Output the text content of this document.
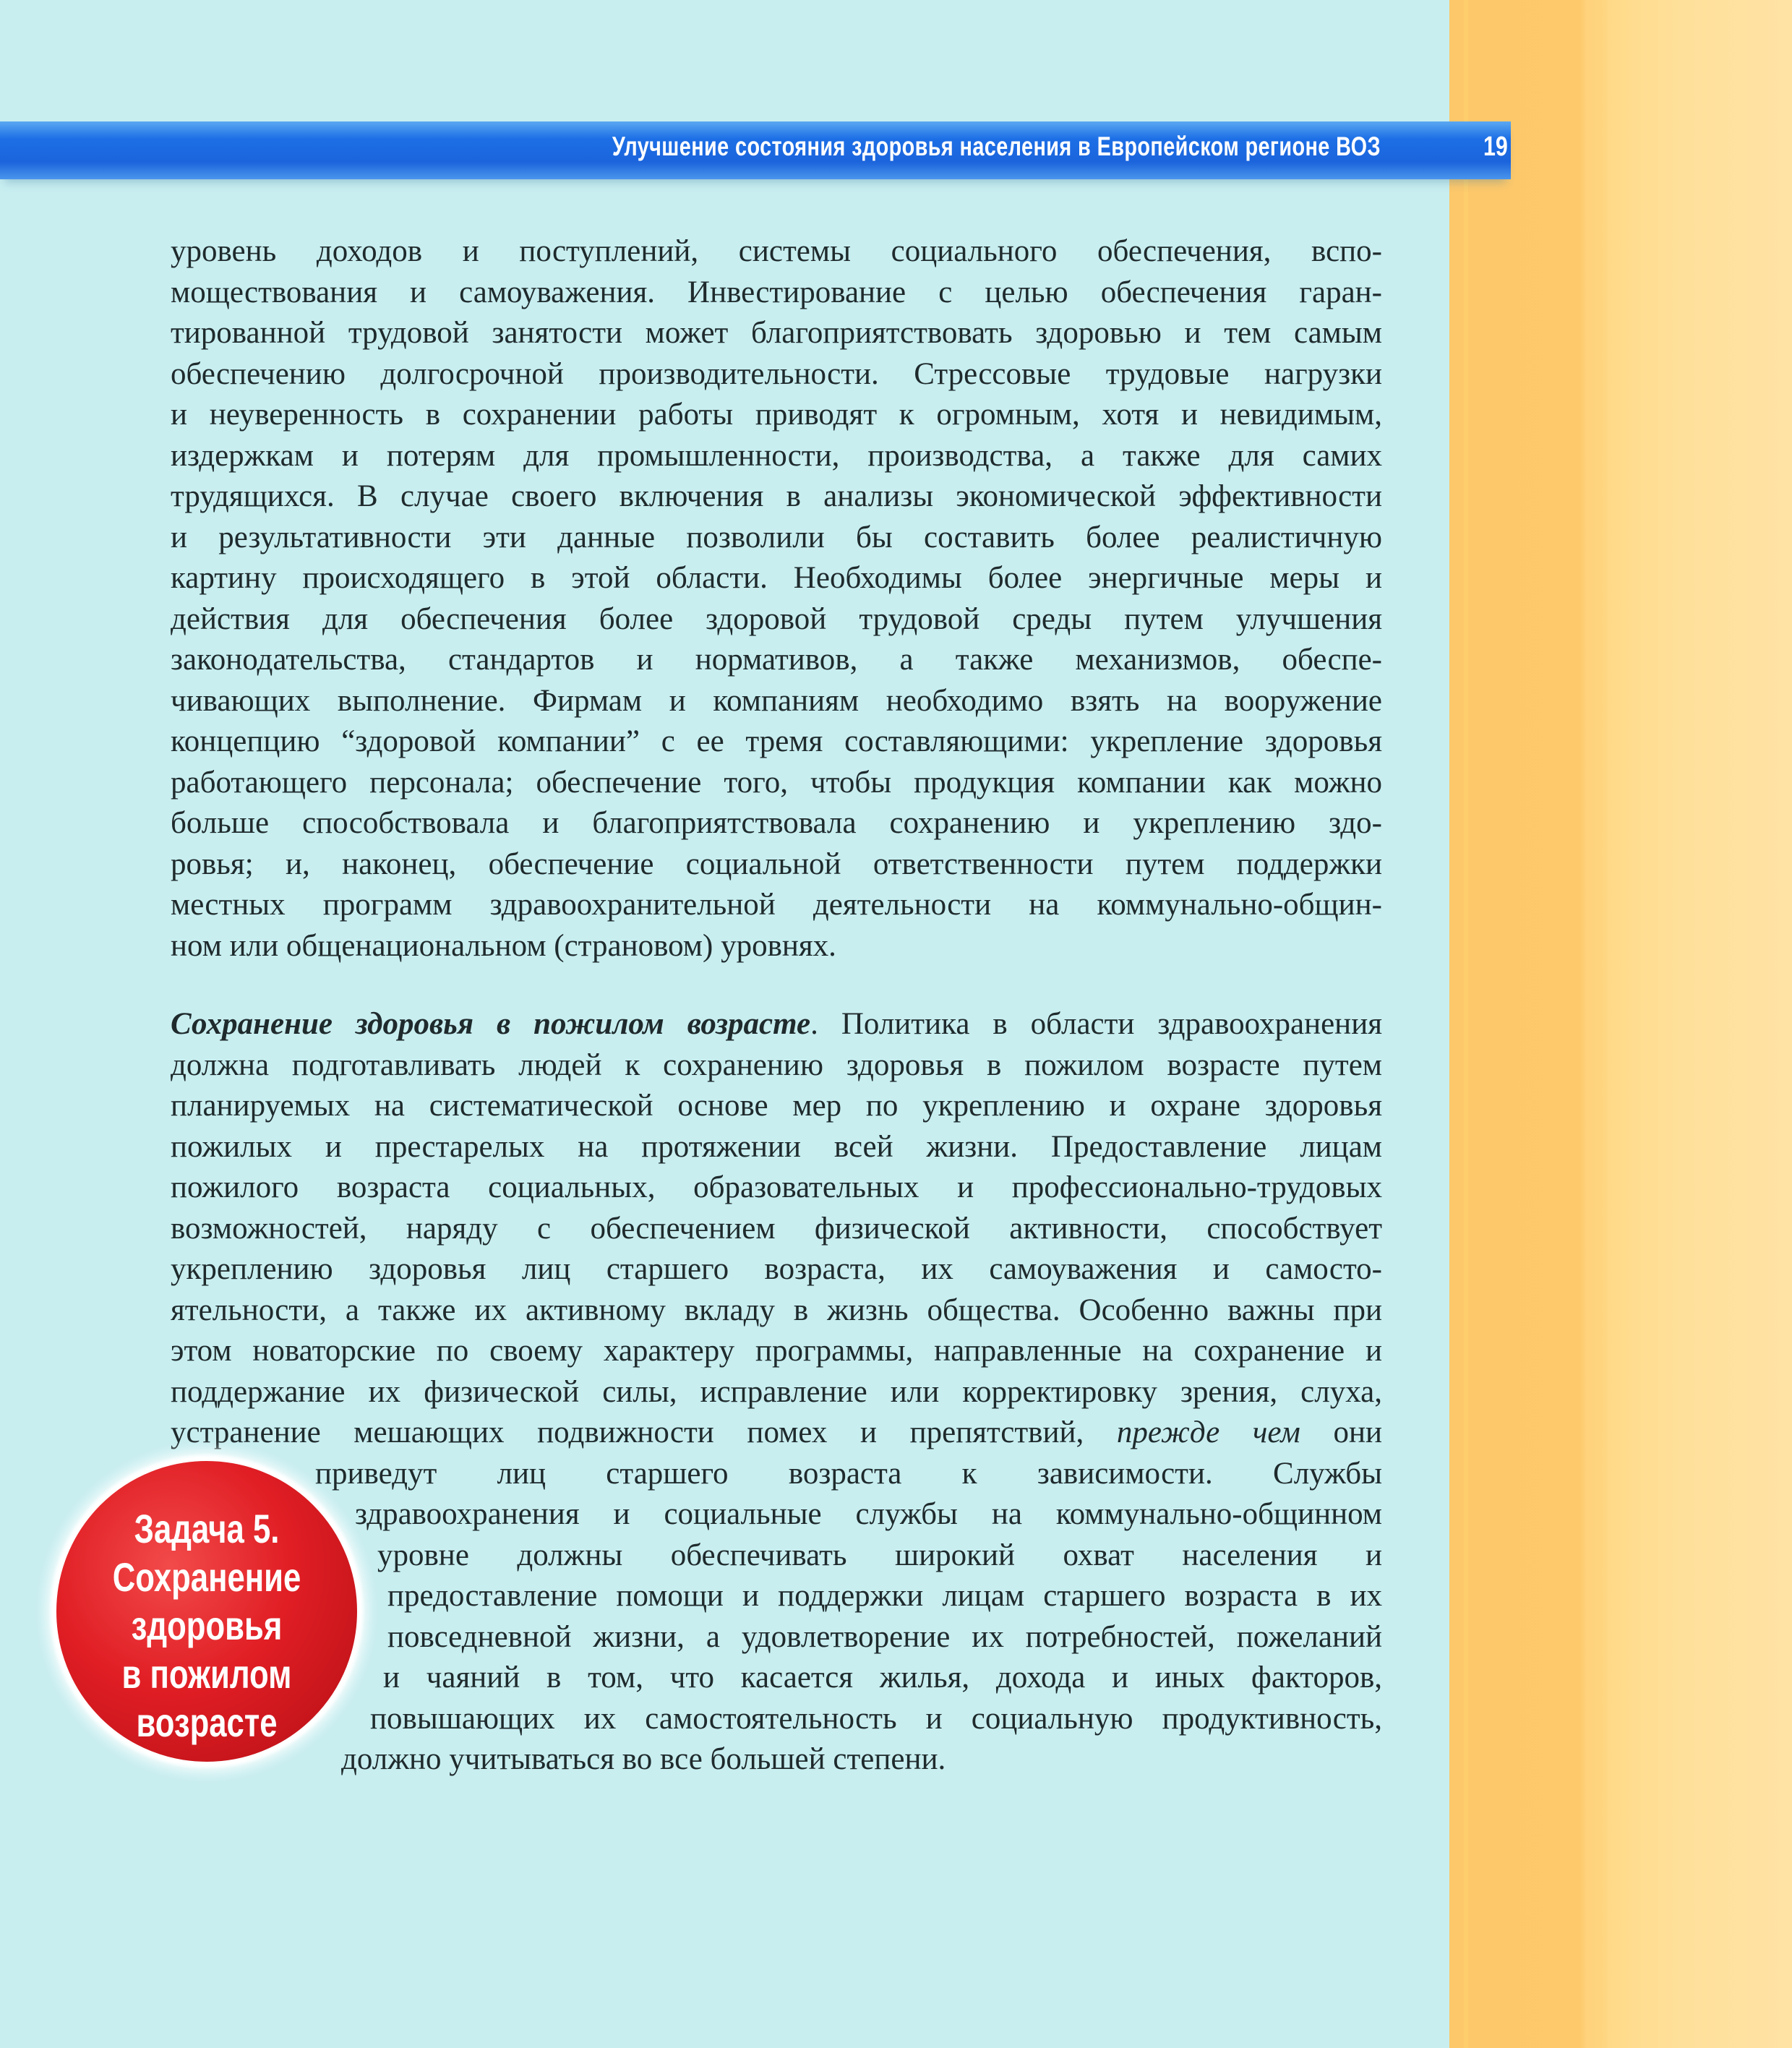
Улучшение состояния здоровья населения в Европейском регионе ВОЗ	19
уровень доходов и поступлений, системы социального обеспечения, вспо-
моществования и самоуважения. Инвестирование с целью обеспечения гаран-
тированной трудовой занятости может благоприятствовать здоровью и тем самым
обеспечению долгосрочной производительности. Стрессовые трудовые нагрузки
и неуверенность в сохранении работы приводят к огромным, хотя и невидимым,
издержкам и потерям для промышленности, производства, а также для самих
трудящихся. В случае своего включения в анализы экономической эффективности
и результативности эти данные позволили бы составить более реалистичную
картину происходящего в этой области. Необходимы более энергичные меры и
действия для обеспечения более здоровой трудовой среды путем улучшения
законодательства, стандартов и нормативов, а также механизмов, обеспе-
чивающих выполнение. Фирмам и компаниям необходимо взять на вооружение
концепцию “здоровой компании” с ее тремя составляющими: укрепление здоровья
работающего персонала; обеспечение того, чтобы продукция компании как можно
больше способствовала и благоприятствовала сохранению и укреплению здо-
ровья; и, наконец, обеспечение социальной ответственности путем поддержки
местных программ здравоохранительной деятельности на коммунально-общин-
ном или общенациональном (страновом) уровнях.
Сохранение здоровья в пожилом возрасте. Политика в области здравоохранения
должна подготавливать людей к сохранению здоровья в пожилом возрасте путем
планируемых на систематической основе мер по укреплению и охране здоровья
пожилых и престарелых на протяжении всей жизни. Предоставление лицам
пожилого возраста социальных, образовательных и профессионально-трудовых
возможностей, наряду с обеспечением физической активности, способствует
укреплению здоровья лиц старшего возраста, их самоуважения и самосто-
ятельности, а также их активному вкладу в жизнь общества. Особенно важны при
этом новаторские по своему характеру программы, направленные на сохранение и
поддержание их физической силы, исправление или корректировку зрения, слуха,
устранение мешающих подвижности помех и препятствий, прежде чем они
приведут лиц старшего возраста к зависимости. Службы
здравоохранения и социальные службы на коммунально-общинном
уровне должны обеспечивать широкий охват населения и
предоставление помощи и поддержки лицам старшего возраста в их
повседневной жизни, а удовлетворение их потребностей, пожеланий
и чаяний в том, что касается жилья, дохода и иных факторов,
повышающих их самостоятельность и социальную продуктивность,
должно учитываться во все большей степени.
Задача 5.
Сохранение
здоровья
в пожилом
возрасте
